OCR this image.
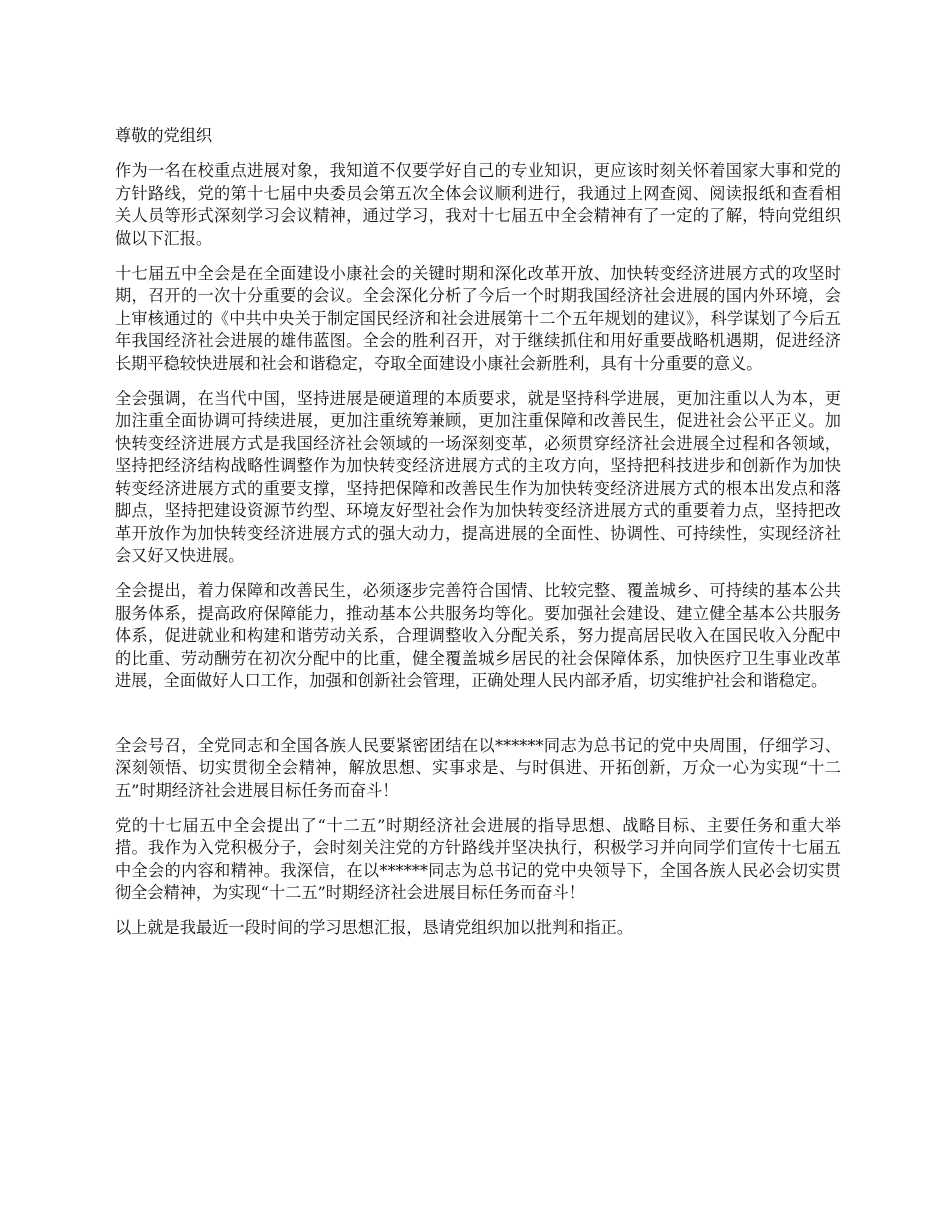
尊敬的党组织

作为一名在校重点进展对象，我知道不仅要学好自己的专业知识，更应该时刻关怀着国家大事和党的方针路线，党的第十七届中央委员会第五次全体会议顺利进行，我通过上网查阅、阅读报纸和查看相关人员等形式深刻学习会议精神，通过学习，我对十七届五中全会精神有了一定的了解，特向党组织做以下汇报。

十七届五中全会是在全面建设小康社会的关键时期和深化改革开放、加快转变经济进展方式的攻坚时期，召开的一次十分重要的会议。全会深化分析了今后一个时期我国经济社会进展的国内外环境，会上审核通过的《中共中央关于制定国民经济和社会进展第十二个五年规划的建议》，科学谋划了今后五年我国经济社会进展的雄伟蓝图。全会的胜利召开，对于继续抓住和用好重要战略机遇期，促进经济长期平稳较快进展和社会和谐稳定，夺取全面建设小康社会新胜利，具有十分重要的意义。

全会强调，在当代中国，坚持进展是硬道理的本质要求，就是坚持科学进展，更加注重以人为本，更加注重全面协调可持续进展，更加注重统筹兼顾，更加注重保障和改善民生，促进社会公平正义。加快转变经济进展方式是我国经济社会领域的一场深刻变革，必须贯穿经济社会进展全过程和各领域，坚持把经济结构战略性调整作为加快转变经济进展方式的主攻方向，坚持把科技进步和创新作为加快转变经济进展方式的重要支撑，坚持把保障和改善民生作为加快转变经济进展方式的根本出发点和落脚点，坚持把建设资源节约型、环境友好型社会作为加快转变经济进展方式的重要着力点，坚持把改革开放作为加快转变经济进展方式的强大动力，提高进展的全面性、协调性、可持续性，实现经济社会又好又快进展。

全会提出，着力保障和改善民生，必须逐步完善符合国情、比较完整、覆盖城乡、可持续的基本公共服务体系，提高政府保障能力，推动基本公共服务均等化。要加强社会建设、建立健全基本公共服务体系，促进就业和构建和谐劳动关系，合理调整收入分配关系，努力提高居民收入在国民收入分配中的比重、劳动酬劳在初次分配中的比重，健全覆盖城乡居民的社会保障体系，加快医疗卫生事业改革进展，全面做好人口工作，加强和创新社会管理，正确处理人民内部矛盾，切实维护社会和谐稳定。

全会号召，全党同志和全国各族人民要紧密团结在以******同志为总书记的党中央周围，仔细学习、深刻领悟、切实贯彻全会精神，解放思想、实事求是、与时俱进、开拓创新，万众一心为实现“十二五”时期经济社会进展目标任务而奋斗！

党的十七届五中全会提出了“十二五”时期经济社会进展的指导思想、战略目标、主要任务和重大举措。我作为入党积极分子，会时刻关注党的方针路线并坚决执行，积极学习并向同学们宣传十七届五中全会的内容和精神。我深信，在以******同志为总书记的党中央领导下，全国各族人民必会切实贯彻全会精神，为实现“十二五”时期经济社会进展目标任务而奋斗！

以上就是我最近一段时间的学习思想汇报，恳请党组织加以批判和指正。
